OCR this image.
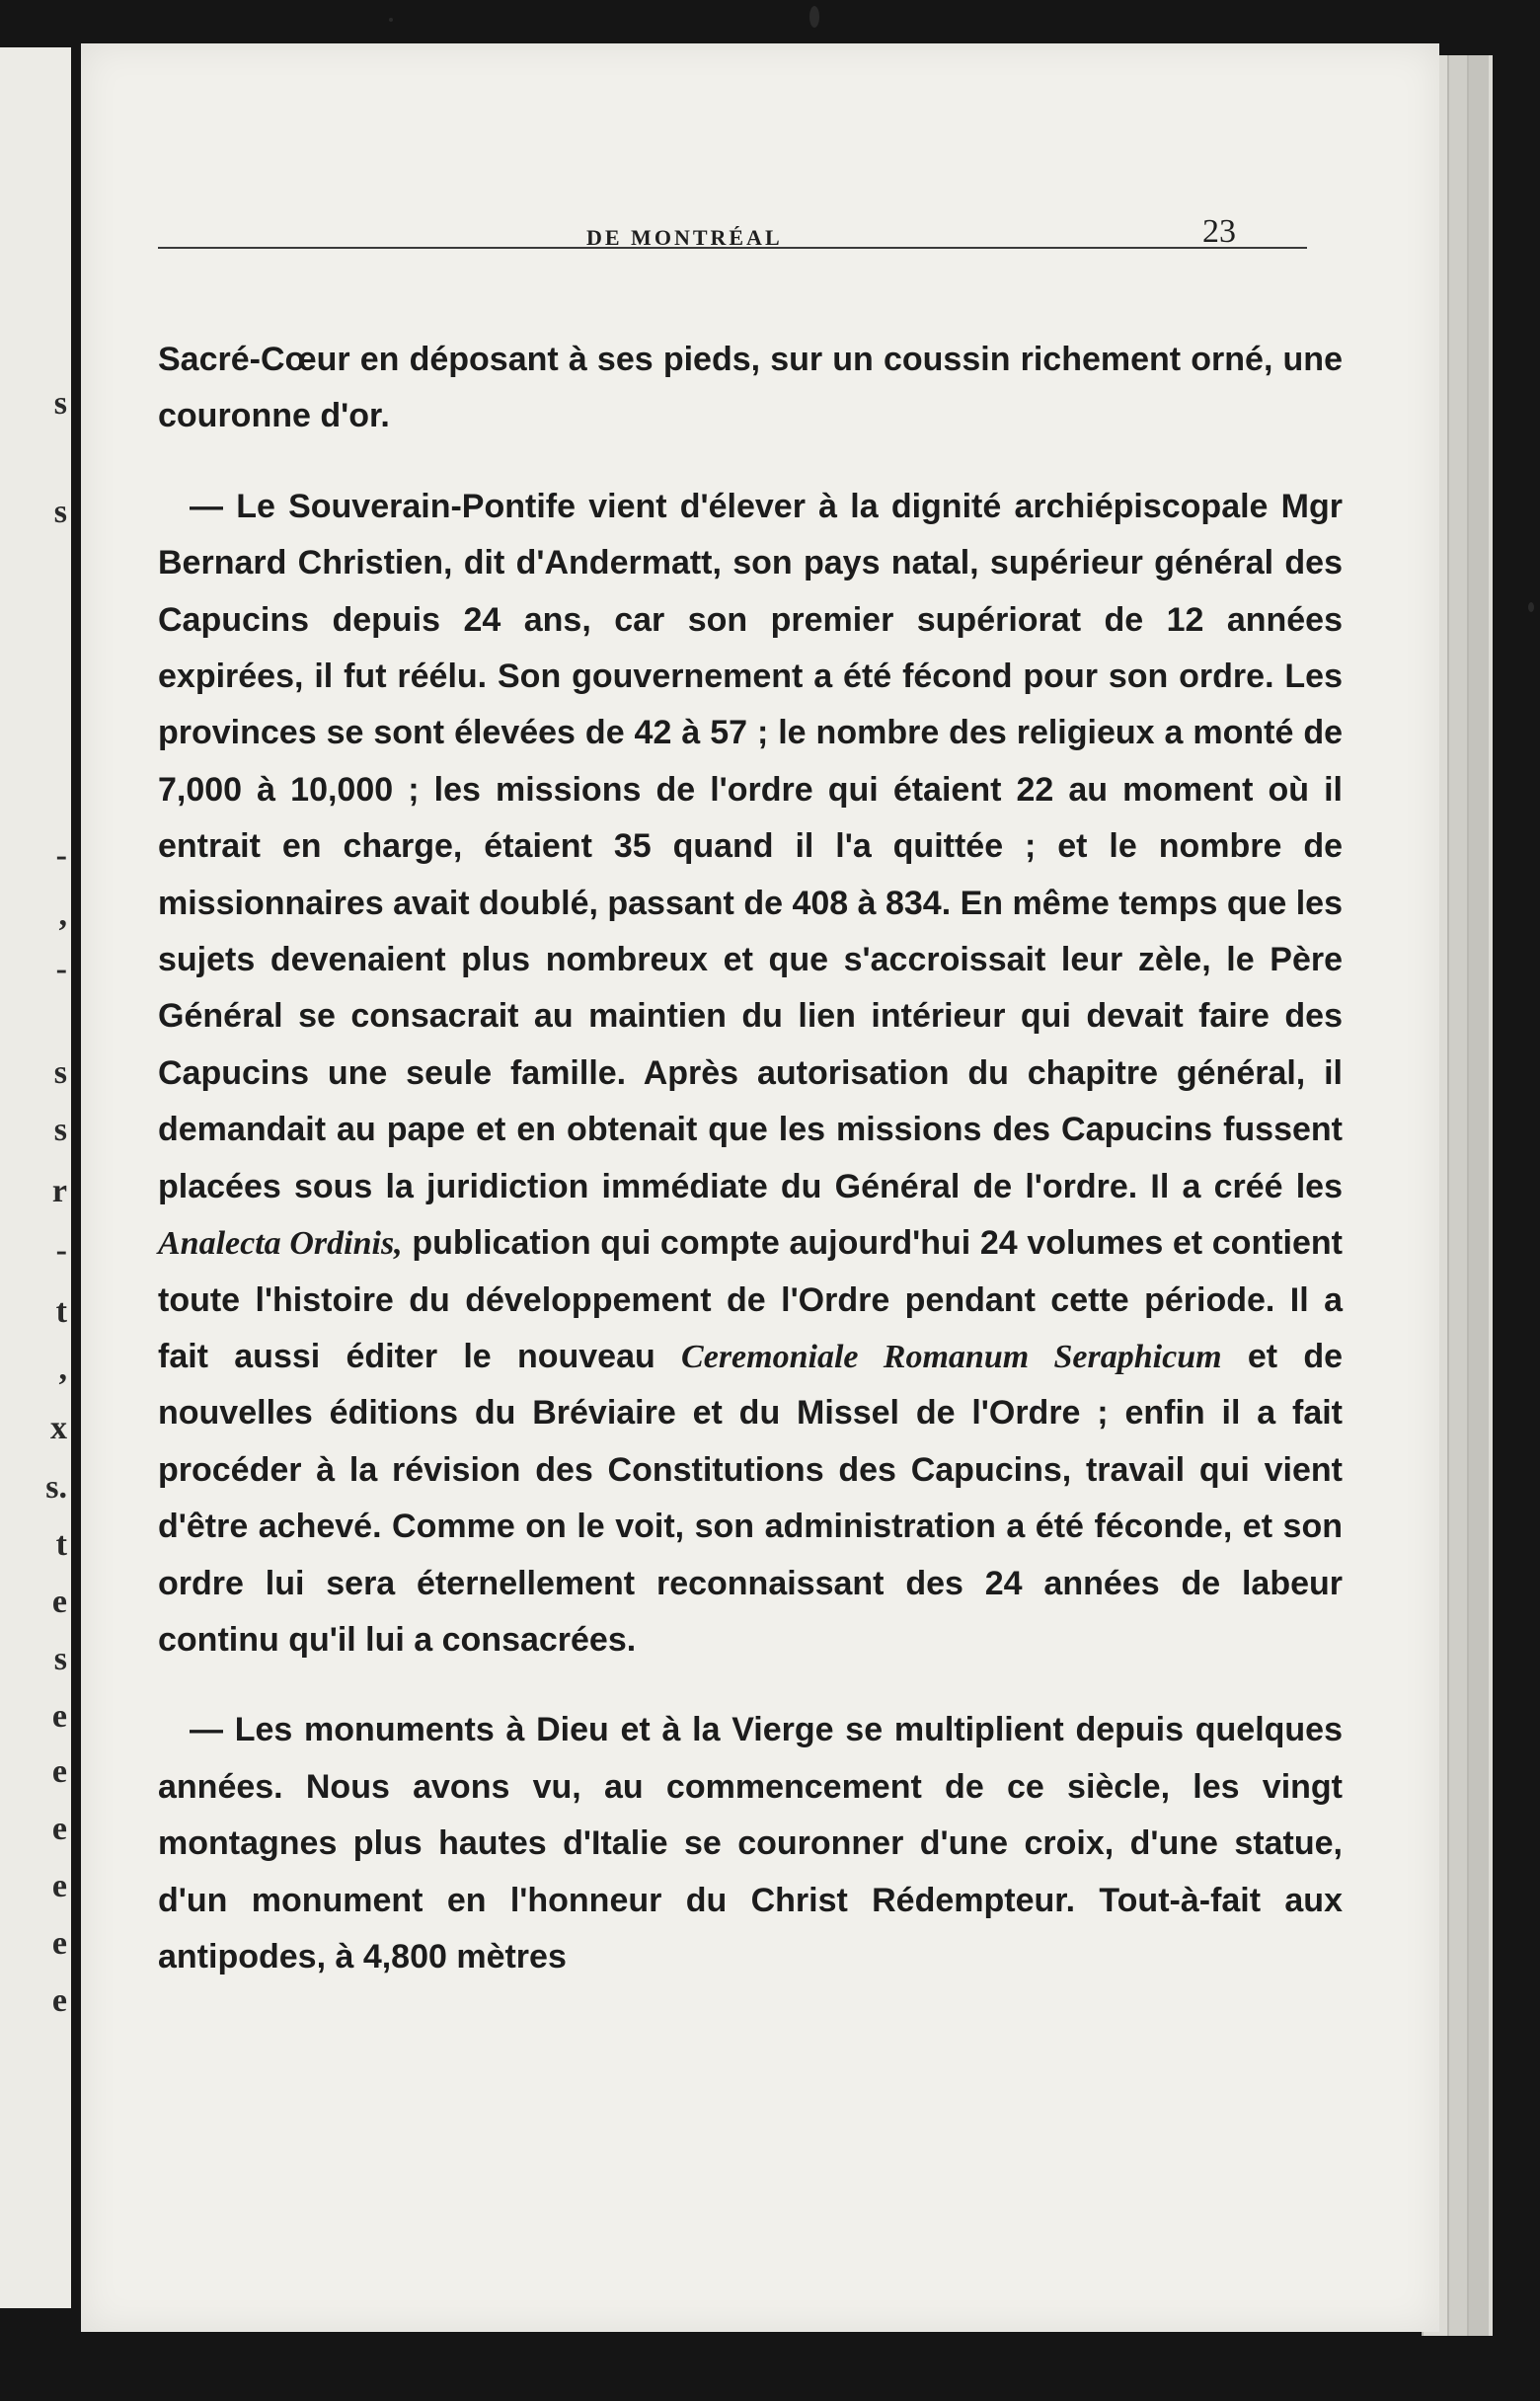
s
s
-
,
-
s
s
r
-
t
,
x
s.
t
e
s
e
e
e
e
e
e
DE MONTRÉAL	23

Sacré-Cœur en déposant à ses pieds, sur un coussin richement orné, une couronne d'or.

— Le Souverain-Pontife vient d'élever à la dignité archiépiscopale Mgr Bernard Christien, dit d'Andermatt, son pays natal, supérieur général des Capucins depuis 24 ans, car son premier supériorat de 12 années expirées, il fut réélu. Son gouvernement a été fécond pour son ordre. Les provinces se sont élevées de 42 à 57 ; le nombre des religieux a monté de 7,000 à 10,000 ; les missions de l'ordre qui étaient 22 au moment où il entrait en charge, étaient 35 quand il l'a quittée ; et le nombre de missionnaires avait doublé, passant de 408 à 834. En même temps que les sujets devenaient plus nombreux et que s'accroissait leur zèle, le Père Général se consacrait au maintien du lien intérieur qui devait faire des Capucins une seule famille. Après autorisation du chapitre général, il demandait au pape et en obtenait que les missions des Capucins fussent placées sous la juridiction immédiate du Général de l'ordre. Il a créé les Analecta Ordinis, publication qui compte aujourd'hui 24 volumes et contient toute l'histoire du développement de l'Ordre pendant cette période. Il a fait aussi éditer le nouveau Ceremoniale Romanum Seraphicum et de nouvelles éditions du Bréviaire et du Missel de l'Ordre ; enfin il a fait procéder à la révision des Constitutions des Capucins, travail qui vient d'être achevé. Comme on le voit, son administration a été féconde, et son ordre lui sera éternellement reconnaissant des 24 années de labeur continu qu'il lui a consacrées.

— Les monuments à Dieu et à la Vierge se multiplient depuis quelques années. Nous avons vu, au commencement de ce siècle, les vingt montagnes plus hautes d'Italie se couronner d'une croix, d'une statue, d'un monument en l'honneur du Christ Rédempteur. Tout-à-fait aux antipodes, à 4,800 mètres
